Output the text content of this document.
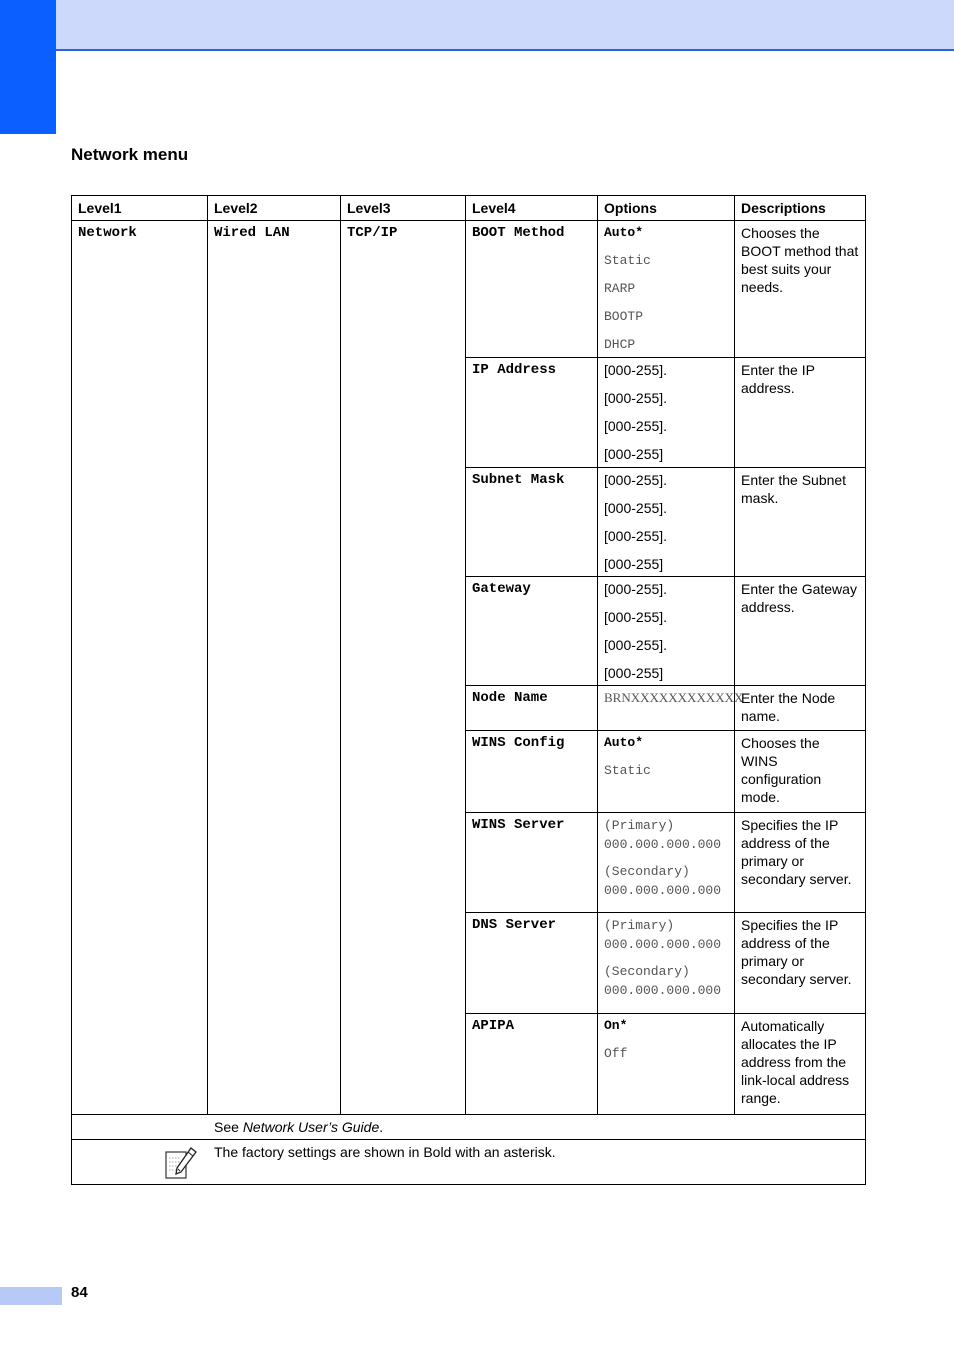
Network menu
Level1	Level2	Level3	Level4	Options	Descriptions
Network	Wired LAN	TCP/IP	BOOT Method	Auto*
Static
RARP
BOOTP
DHCP	Chooses the BOOT method that best suits your needs.
			IP Address	[000-255].
[000-255].
[000-255].
[000-255]	Enter the IP address.
			Subnet Mask	[000-255].
[000-255].
[000-255].
[000-255]	Enter the Subnet mask.
			Gateway	[000-255].
[000-255].
[000-255].
[000-255]	Enter the Gateway address.
			Node Name	BRNXXXXXXXXXXXX	Enter the Node name.
			WINS Config	Auto*
Static	Chooses the WINS configuration mode.
			WINS Server	(Primary)
000.000.000.000
(Secondary)
000.000.000.000	Specifies the IP address of the primary or secondary server.
			DNS Server	(Primary)
000.000.000.000
(Secondary)
000.000.000.000	Specifies the IP address of the primary or secondary server.
			APIPA	On*
Off	Automatically allocates the IP address from the link-local address range.
See Network User’s Guide.					

The factory settings are shown in Bold with an asterisk.					
84
